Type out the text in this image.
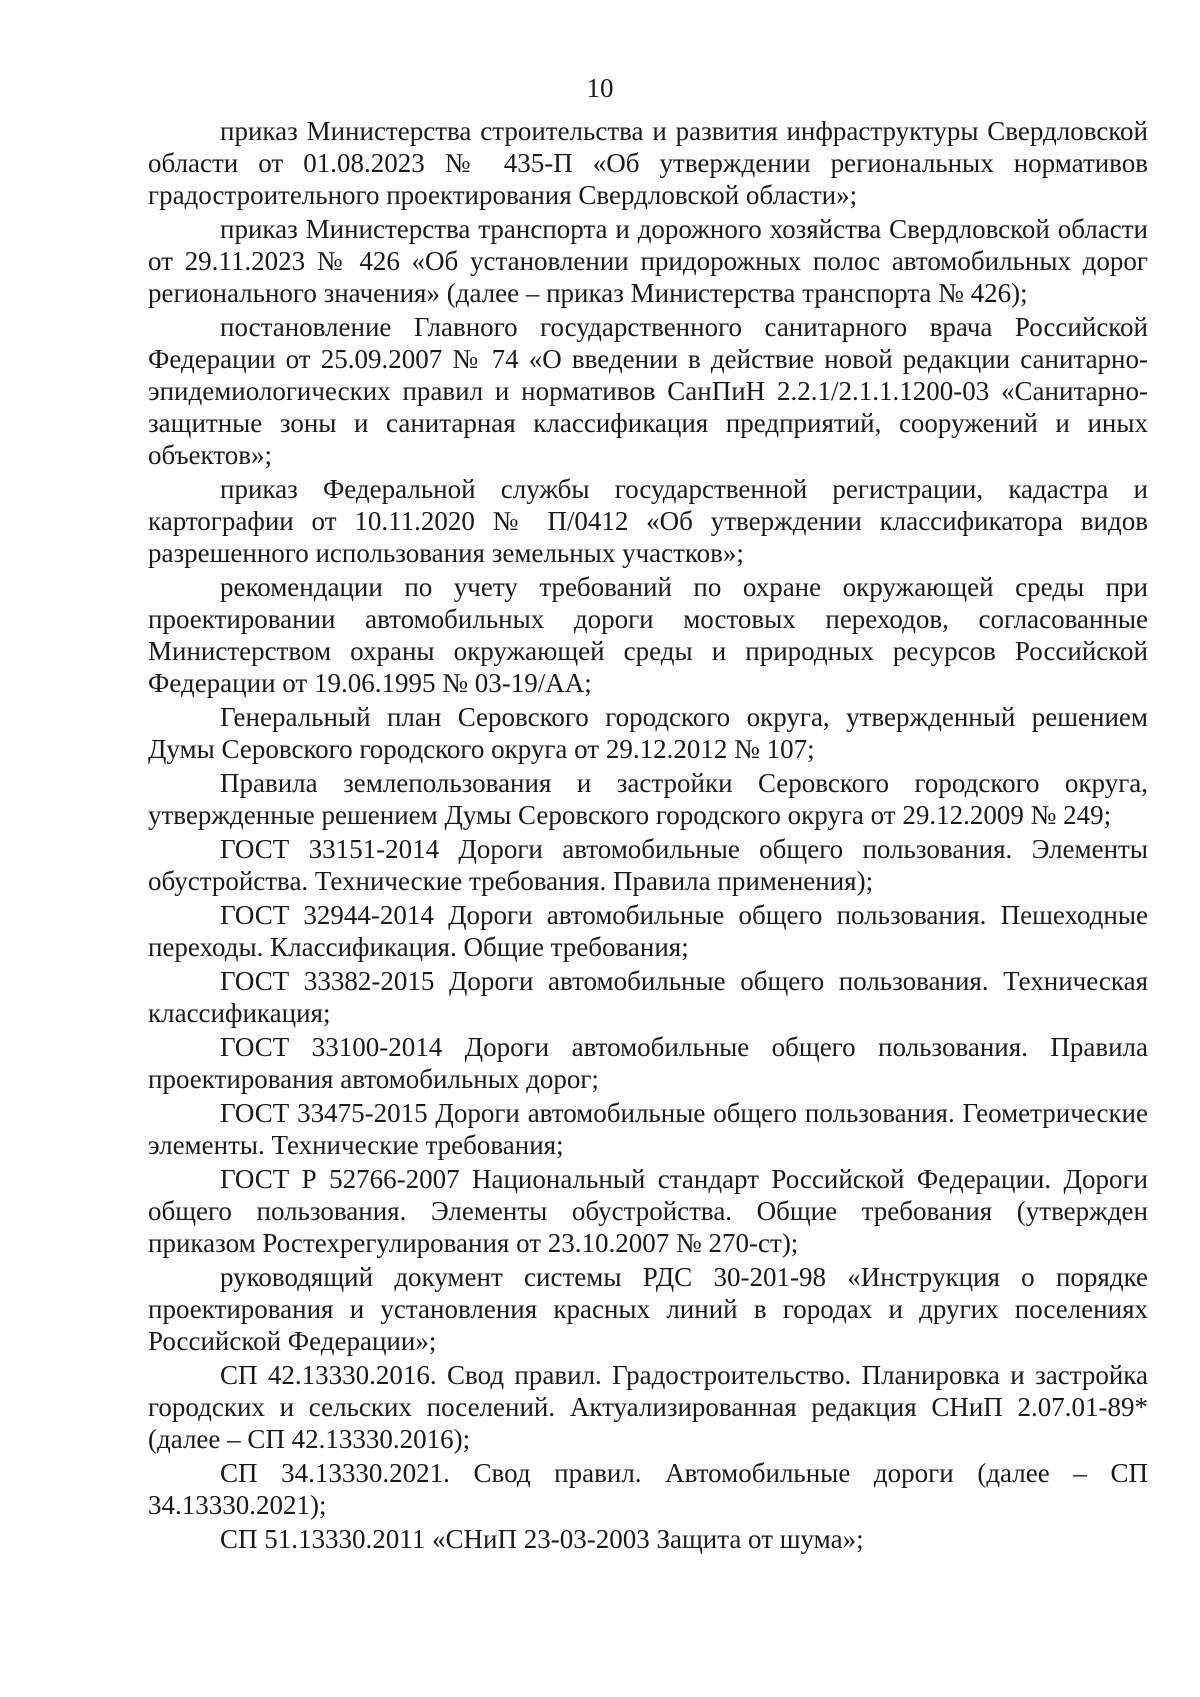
10

приказ Министерства строительства и развития инфраструктуры Свердловской области от 01.08.2023 № 435-П «Об утверждении региональных нормативов градостроительного проектирования Свердловской области»;

приказ Министерства транспорта и дорожного хозяйства Свердловской области от 29.11.2023 № 426 «Об установлении придорожных полос автомобильных дорог регионального значения» (далее – приказ Министерства транспорта № 426);

постановление Главного государственного санитарного врача Российской Федерации от 25.09.2007 № 74 «О введении в действие новой редакции санитарно-эпидемиологических правил и нормативов СанПиН 2.2.1/2.1.1.1200-03 «Санитарно-защитные зоны и санитарная классификация предприятий, сооружений и иных объектов»;

приказ Федеральной службы государственной регистрации, кадастра и картографии от 10.11.2020 № П/0412 «Об утверждении классификатора видов разрешенного использования земельных участков»;

рекомендации по учету требований по охране окружающей среды при проектировании автомобильных дороги мостовых переходов, согласованные Министерством охраны окружающей среды и природных ресурсов Российской Федерации от 19.06.1995 № 03-19/АА;

Генеральный план Серовского городского округа, утвержденный решением Думы Серовского городского округа от 29.12.2012 № 107;

Правила землепользования и застройки Серовского городского округа, утвержденные решением Думы Серовского городского округа от 29.12.2009 № 249;

ГОСТ 33151-2014 Дороги автомобильные общего пользования. Элементы обустройства. Технические требования. Правила применения);

ГОСТ 32944-2014 Дороги автомобильные общего пользования. Пешеходные переходы. Классификация. Общие требования;

ГОСТ 33382-2015 Дороги автомобильные общего пользования. Техническая классификация;

ГОСТ 33100-2014 Дороги автомобильные общего пользования. Правила проектирования автомобильных дорог;

ГОСТ 33475-2015 Дороги автомобильные общего пользования. Геометрические элементы. Технические требования;

ГОСТ Р 52766-2007 Национальный стандарт Российской Федерации. Дороги общего пользования. Элементы обустройства. Общие требования (утвержден приказом Ростехрегулирования от 23.10.2007 № 270-ст);

руководящий документ системы РДС 30-201-98 «Инструкция о порядке проектирования и установления красных линий в городах и других поселениях Российской Федерации»;

СП 42.13330.2016. Свод правил. Градостроительство. Планировка и застройка городских и сельских поселений. Актуализированная редакция СНиП 2.07.01-89* (далее – СП 42.13330.2016);

СП 34.13330.2021. Свод правил. Автомобильные дороги (далее – СП 34.13330.2021);

СП 51.13330.2011 «СНиП 23-03-2003 Защита от шума»;
